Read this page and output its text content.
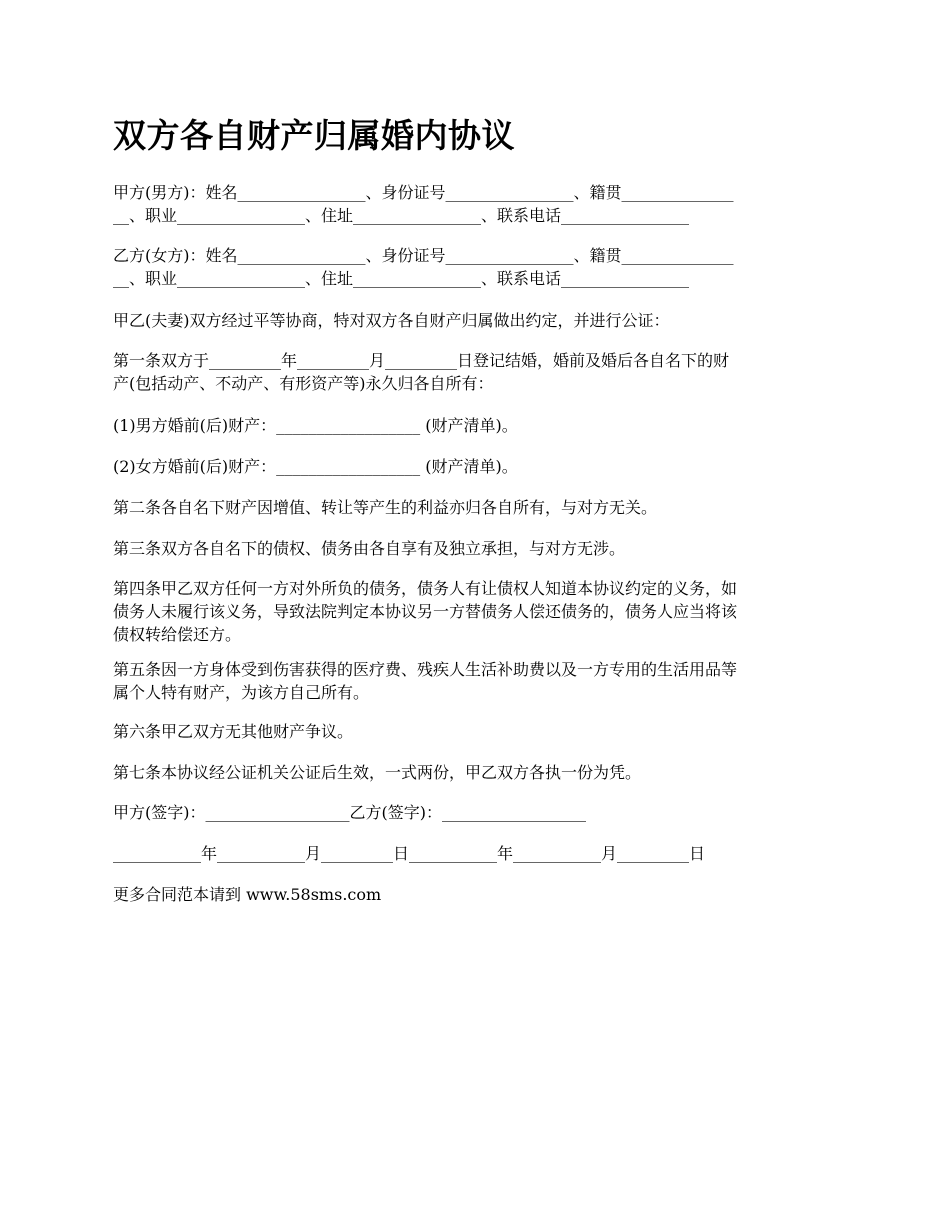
双方各自财产归属婚内协议

甲方(男方)：姓名________________、身份证号________________、籍贯______________
__、职业________________、住址________________、联系电话________________

乙方(女方)：姓名________________、身份证号________________、籍贯______________
__、职业________________、住址________________、联系电话________________

甲乙(夫妻)双方经过平等协商，特对双方各自财产归属做出约定，并进行公证：

第一条双方于_________年_________月_________日登记结婚，婚前及婚后各自名下的财
产(包括动产、不动产、有形资产等)永久归各自所有：

(1)男方婚前(后)财产：__________________ (财产清单)。

(2)女方婚前(后)财产：__________________ (财产清单)。

第二条各自名下财产因增值、转让等产生的利益亦归各自所有，与对方无关。

第三条双方各自名下的债权、债务由各自享有及独立承担，与对方无涉。

第四条甲乙双方任何一方对外所负的债务，债务人有让债权人知道本协议约定的义务，如
债务人未履行该义务，导致法院判定本协议另一方替债务人偿还债务的，债务人应当将该
债权转给偿还方。

第五条因一方身体受到伤害获得的医疗费、残疾人生活补助费以及一方专用的生活用品等
属个人特有财产，为该方自己所有。

第六条甲乙双方无其他财产争议。

第七条本协议经公证机关公证后生效，一式两份，甲乙双方各执一份为凭。

甲方(签字)：__________________乙方(签字)：__________________

___________年___________月_________日___________年___________月_________日

更多合同范本请到 www.58sms.com
